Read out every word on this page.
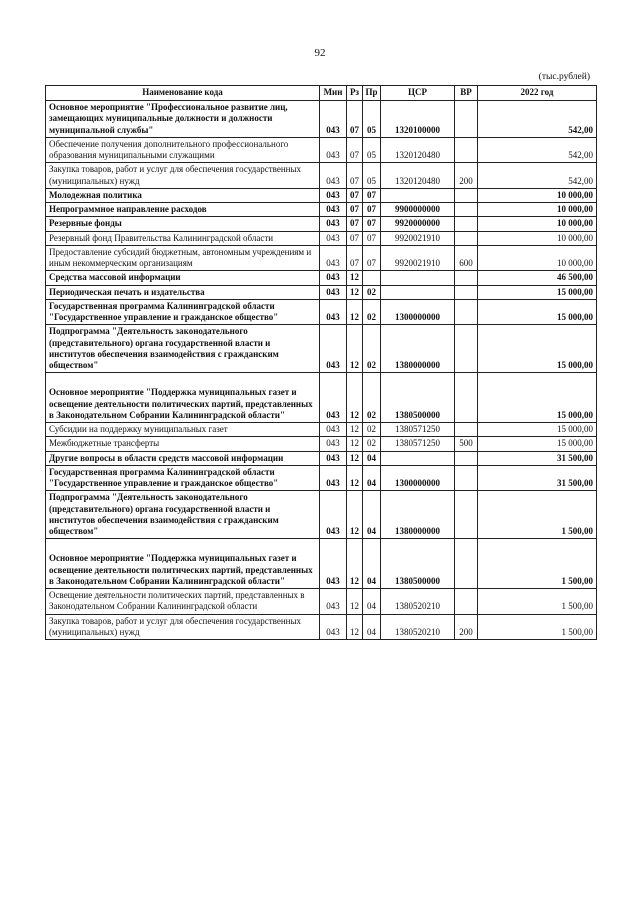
92
(тыс.рублей)
Наименование кода	Мин	Рз	Пр	ЦСР	ВР	2022 год
Основное мероприятие "Профессиональное развитие лиц, замещающих муниципальные должности и должности муниципальной службы"	043	07	05	1320100000		542,00
Обеспечение получения дополнительного профессионального образования муниципальными служащими	043	07	05	1320120480		542,00
Закупка товаров, работ и услуг для обеспечения государственных (муниципальных) нужд	043	07	05	1320120480	200	542,00
Молодежная политика	043	07	07			10 000,00
Непрограммное направление расходов	043	07	07	9900000000		10 000,00
Резервные фонды	043	07	07	9920000000		10 000,00
Резервный фонд Правительства Калининградской области	043	07	07	9920021910		10 000,00
Предоставление субсидий бюджетным, автономным учреждениям и иным некоммерческим организациям	043	07	07	9920021910	600	10 000,00
Средства массовой информации	043	12				46 500,00
Периодическая печать и издательства	043	12	02			15 000,00
Государственная программа Калининградской области "Государственное управление и гражданское общество"	043	12	02	1300000000		15 000,00
Подпрограмма "Деятельность законодательного (представительного) органа государственной власти и институтов обеспечения взаимодействия с гражданским обществом"	043	12	02	1380000000		15 000,00
Основное мероприятие "Поддержка муниципальных газет и освещение деятельности политических партий, представленных в Законодательном Собрании Калининградской области"	043	12	02	1380500000		15 000,00
Субсидии на поддержку муниципальных газет	043	12	02	1380571250		15 000,00
Межбюджетные трансферты	043	12	02	1380571250	500	15 000,00
Другие вопросы в области средств массовой информации	043	12	04			31 500,00
Государственная программа Калининградской области "Государственное управление и гражданское общество"	043	12	04	1300000000		31 500,00
Подпрограмма "Деятельность законодательного (представительного) органа государственной власти и институтов обеспечения взаимодействия с гражданским обществом"	043	12	04	1380000000		1 500,00
Основное мероприятие "Поддержка муниципальных газет и освещение деятельности политических партий, представленных в Законодательном Собрании Калининградской области"	043	12	04	1380500000		1 500,00
Освещение деятельности политических партий, представленных в Законодательном Собрании Калининградской области	043	12	04	1380520210		1 500,00
Закупка товаров, работ и услуг для обеспечения государственных (муниципальных) нужд	043	12	04	1380520210	200	1 500,00
